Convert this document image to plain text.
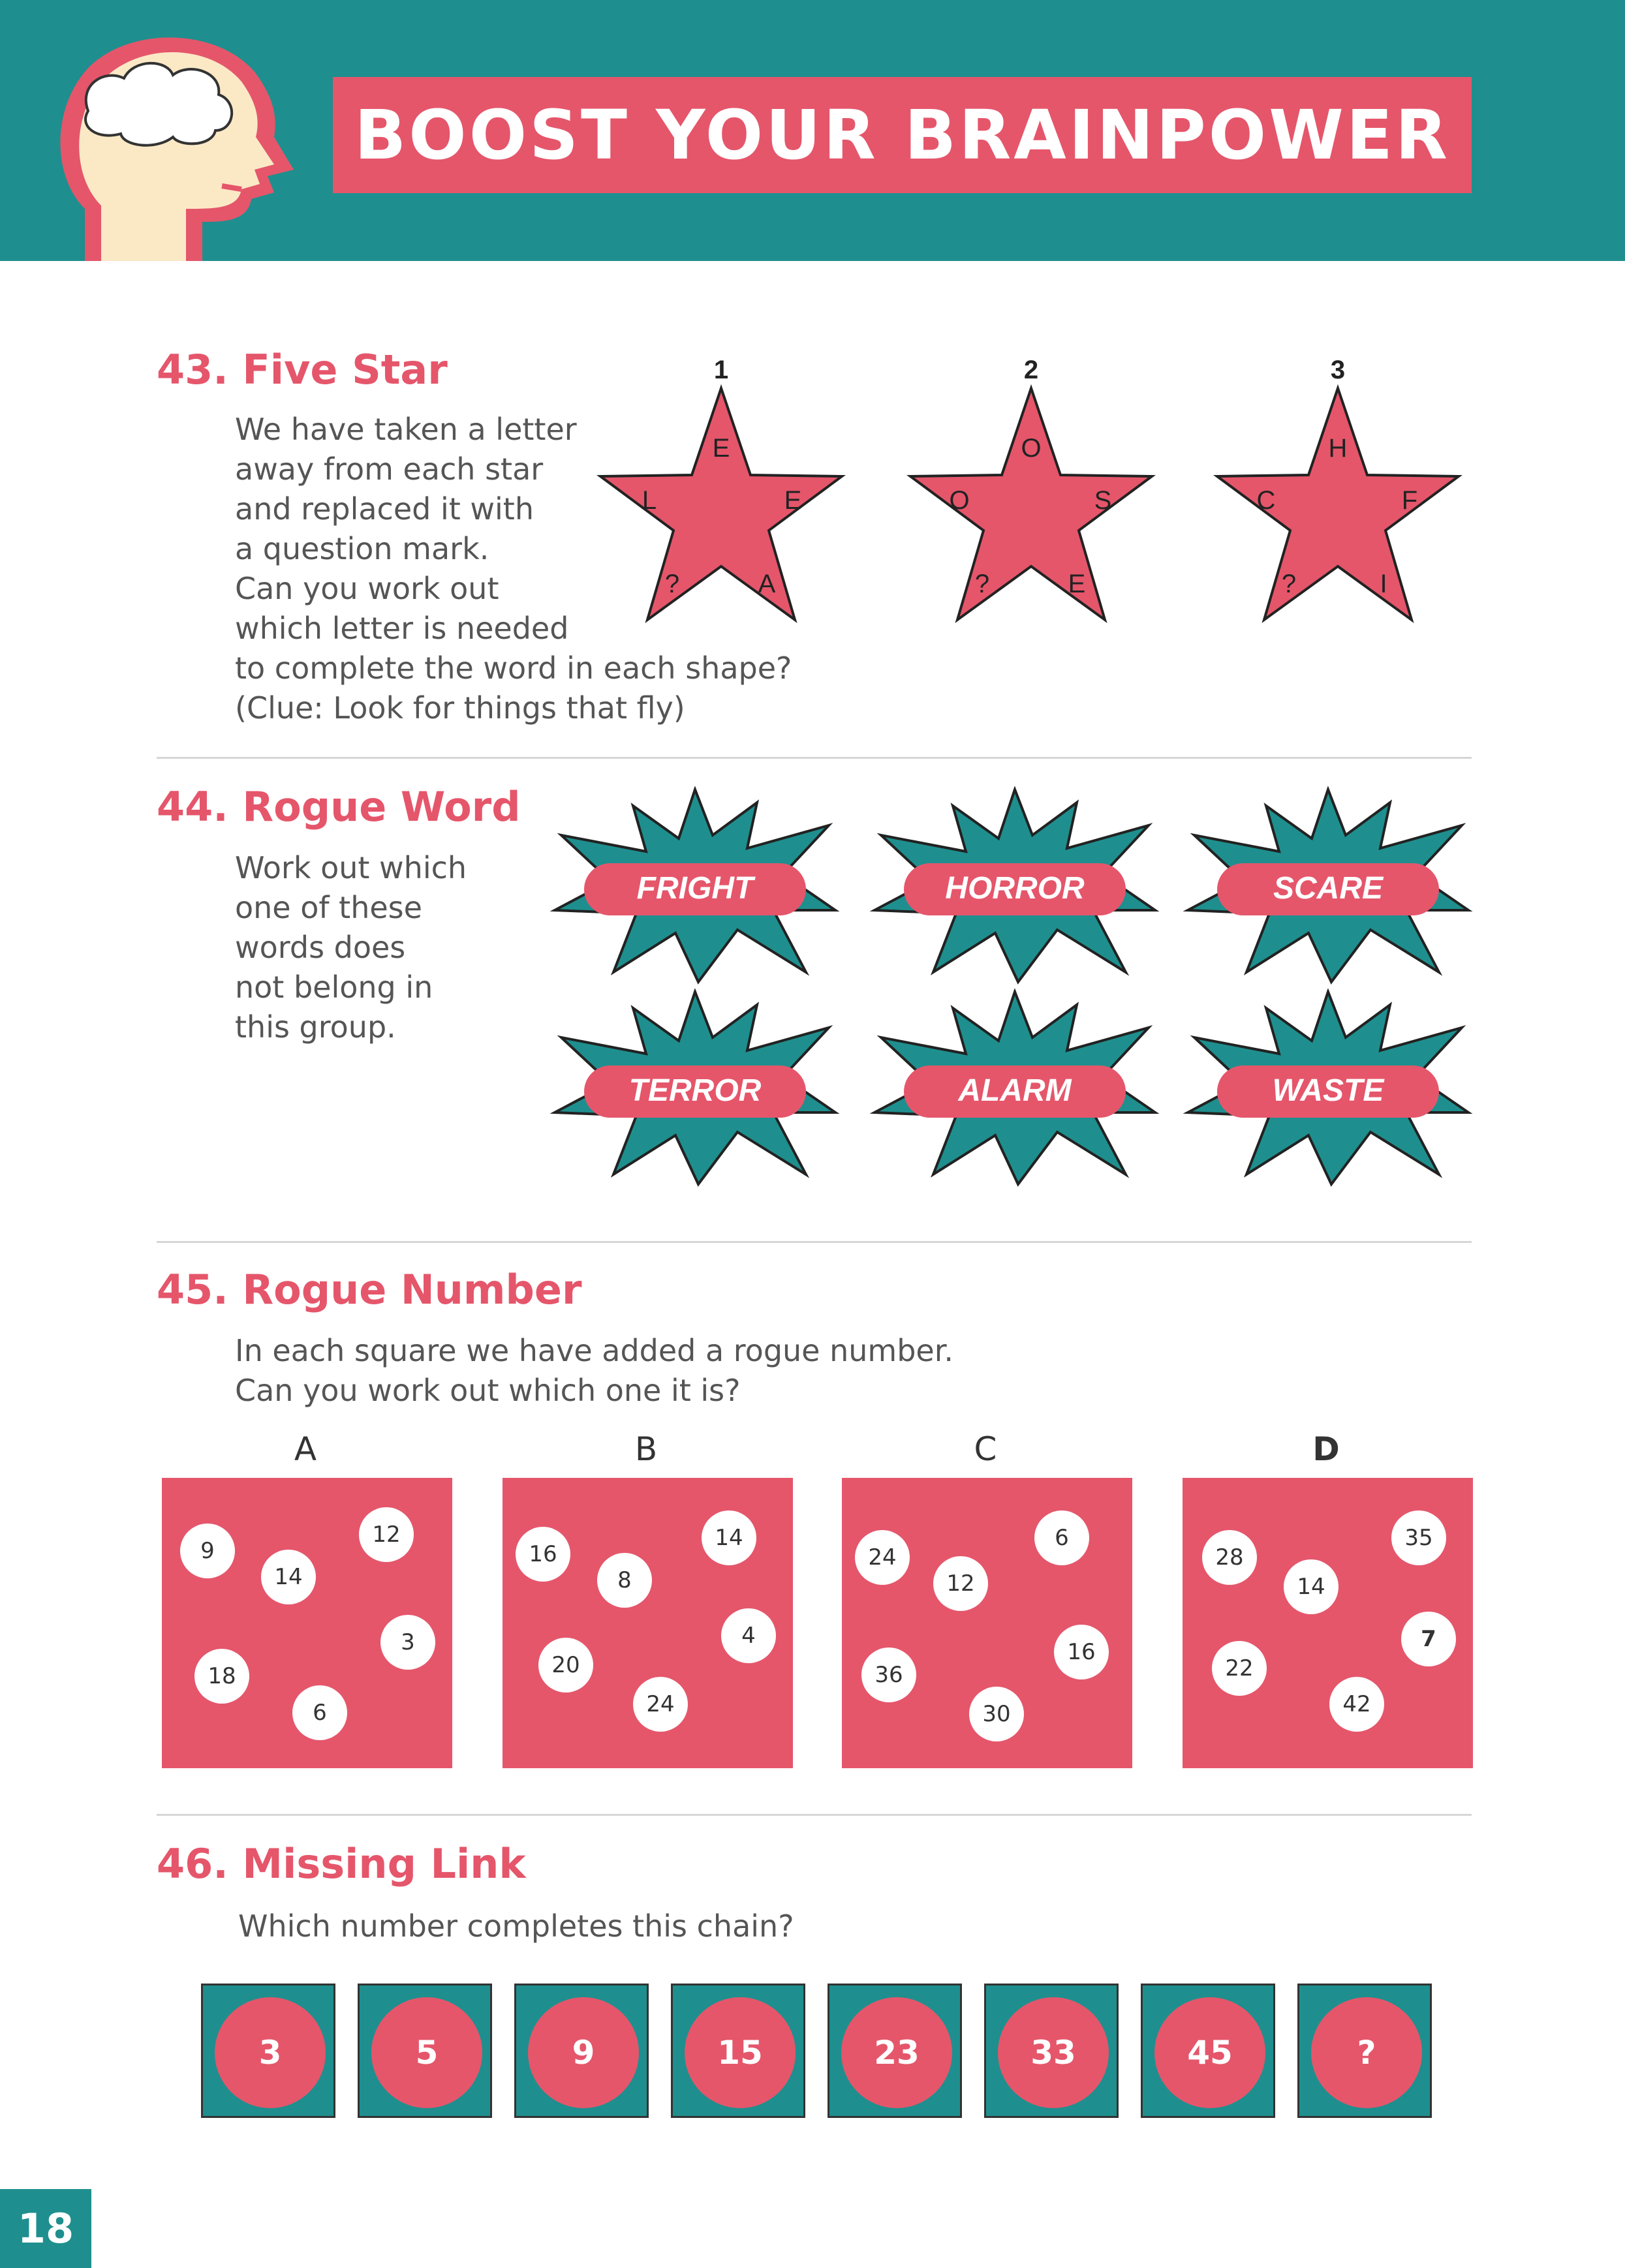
BOOST YOUR BRAINPOWER
43. Five Star
We have taken a letter
away from each star
and replaced it with
a question mark.
Can you work out
which letter is needed
to complete the word in each shape?
(Clue: Look for things that fly)
1
E
E
A
?
L
2
O
S
E
?
O
3
H
F
I
?
C
44. Rogue Word
Work out which
one of these
words does
not belong in
this group.
FRIGHT	HORROR	SCARE
TERROR	ALARM	WASTE
45. Rogue Number
In each square we have added a rogue number.
Can you work out which one it is?
A
9
14
12
18
6
3
B
16
8
14
20
24
4
C
24
12
6
36
30
16
D
28
14
35
22
42
7
46. Missing Link
Which number completes this chain?
3	5	9	15	23	33	45	?
18
